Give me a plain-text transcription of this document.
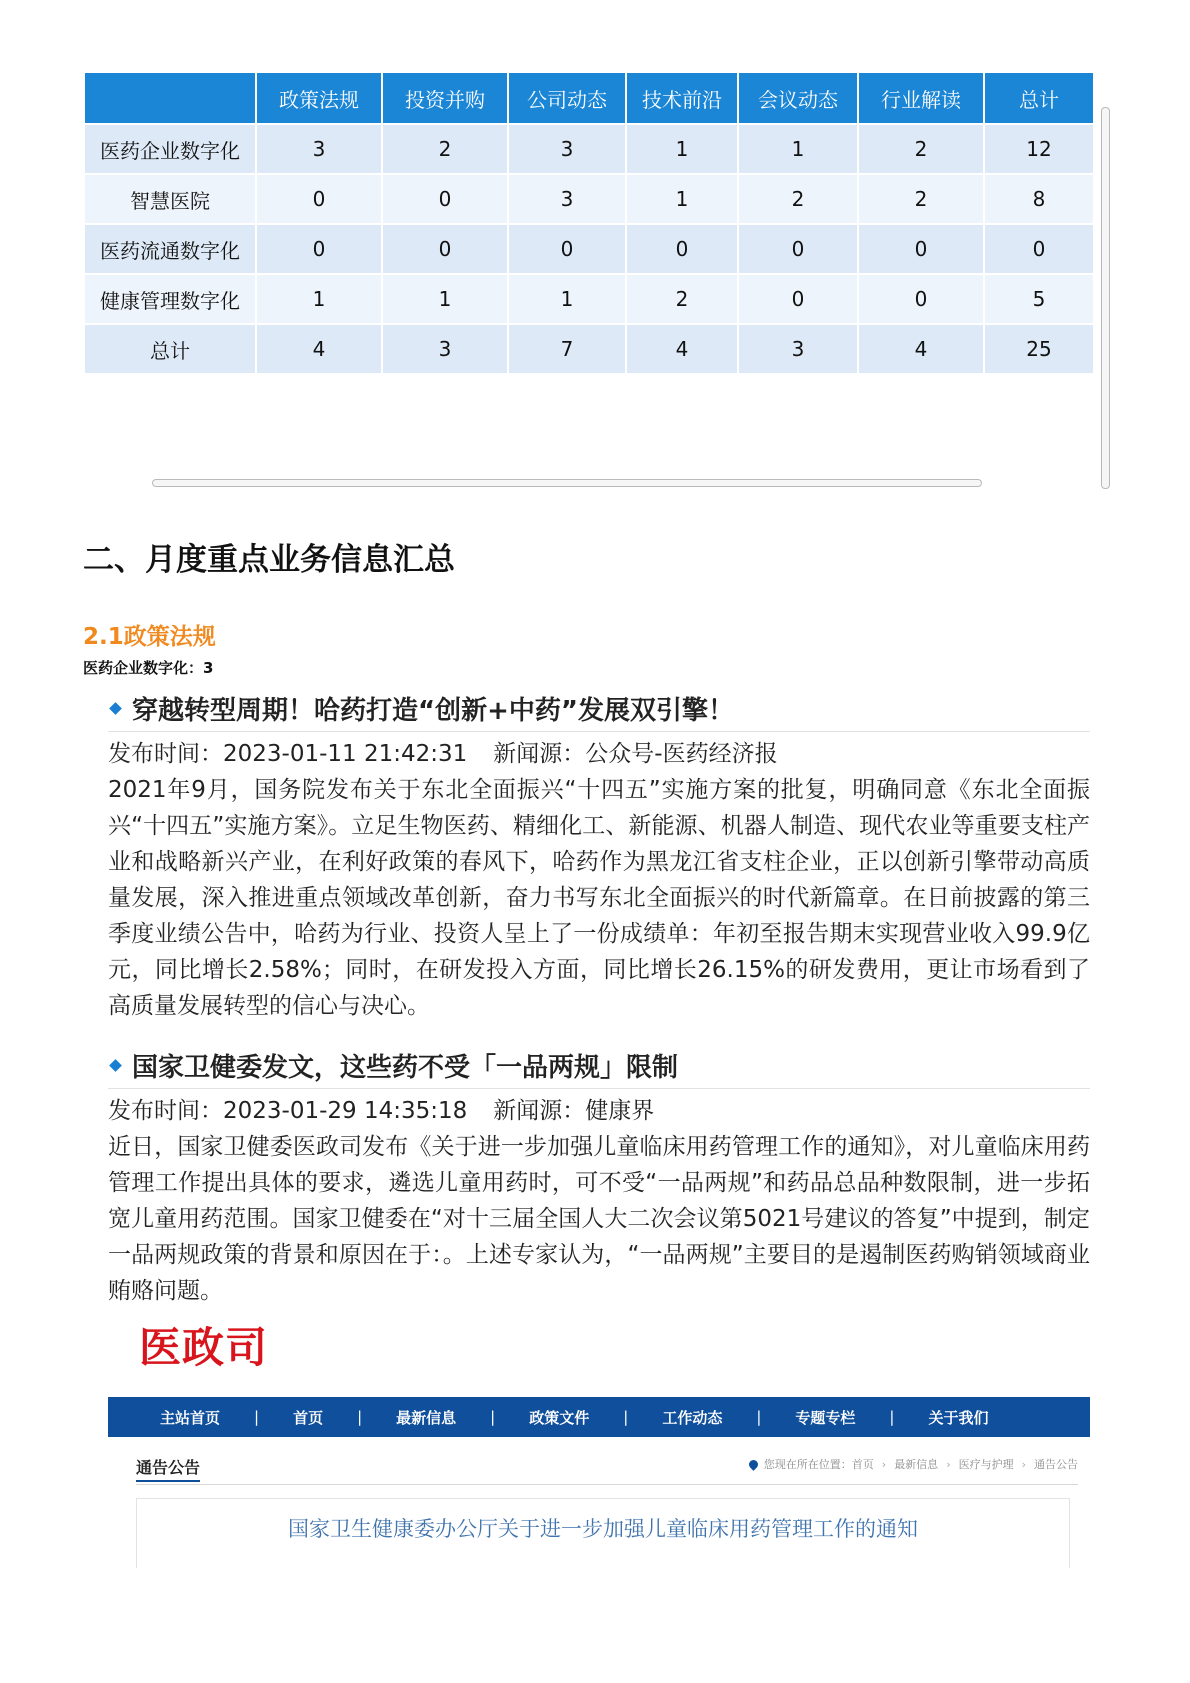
	政策法规	投资并购	公司动态	技术前沿	会议动态	行业解读	总计
医药企业数字化	3	2	3	1	1	2	12
智慧医院	0	0	3	1	2	2	8
医药流通数字化	0	0	0	0	0	0	0
健康管理数字化	1	1	1	2	0	0	5
总计	4	3	7	4	3	4	25
二、月度重点业务信息汇总
2.1政策法规

医药企业数字化：3

穿越转型周期！哈药打造“创新+中药”发展双引擎！
发布时间：2023-01-11 21:42:31 新闻源：公众号-医药经济报

2021年9月，国务院发布关于东北全面振兴“十四五”实施方案的批复，明确同意《东北全面振兴“十四五”实施方案》。立足生物医药、精细化工、新能源、机器人制造、现代农业等重要支柱产业和战略新兴产业，在利好政策的春风下，哈药作为黑龙江省支柱企业，正以创新引擎带动高质量发展，深入推进重点领域改革创新，奋力书写东北全面振兴的时代新篇章。在日前披露的第三季度业绩公告中，哈药为行业、投资人呈上了一份成绩单：年初至报告期末实现营业收入99.9亿元，同比增长2.58%；同时，在研发投入方面，同比增长26.15%的研发费用，更让市场看到了高质量发展转型的信心与决心。

国家卫健委发文，这些药不受「一品两规」限制
发布时间：2023-01-29 14:35:18 新闻源：健康界

近日，国家卫健委医政司发布《关于进一步加强儿童临床用药管理工作的通知》，对儿童临床用药管理工作提出具体的要求，遴选儿童用药时，可不受“一品两规”和药品总品种数限制，进一步拓宽儿童用药范围。国家卫健委在“对十三届全国人大二次会议第5021号建议的答复”中提到，制定一品两规政策的背景和原因在于：。上述专家认为，“一品两规”主要目的是遏制医药购销领域商业贿赂问题。

医政司
主站首页 | 首页 | 最新信息 | 政策文件 | 工作动态 | 专题专栏 | 关于我们
通告公告	您现在所在位置： 首页 › 最新信息 › 医疗与护理 › 通告公告
国家卫生健康委办公厅关于进一步加强儿童临床用药管理工作的通知
